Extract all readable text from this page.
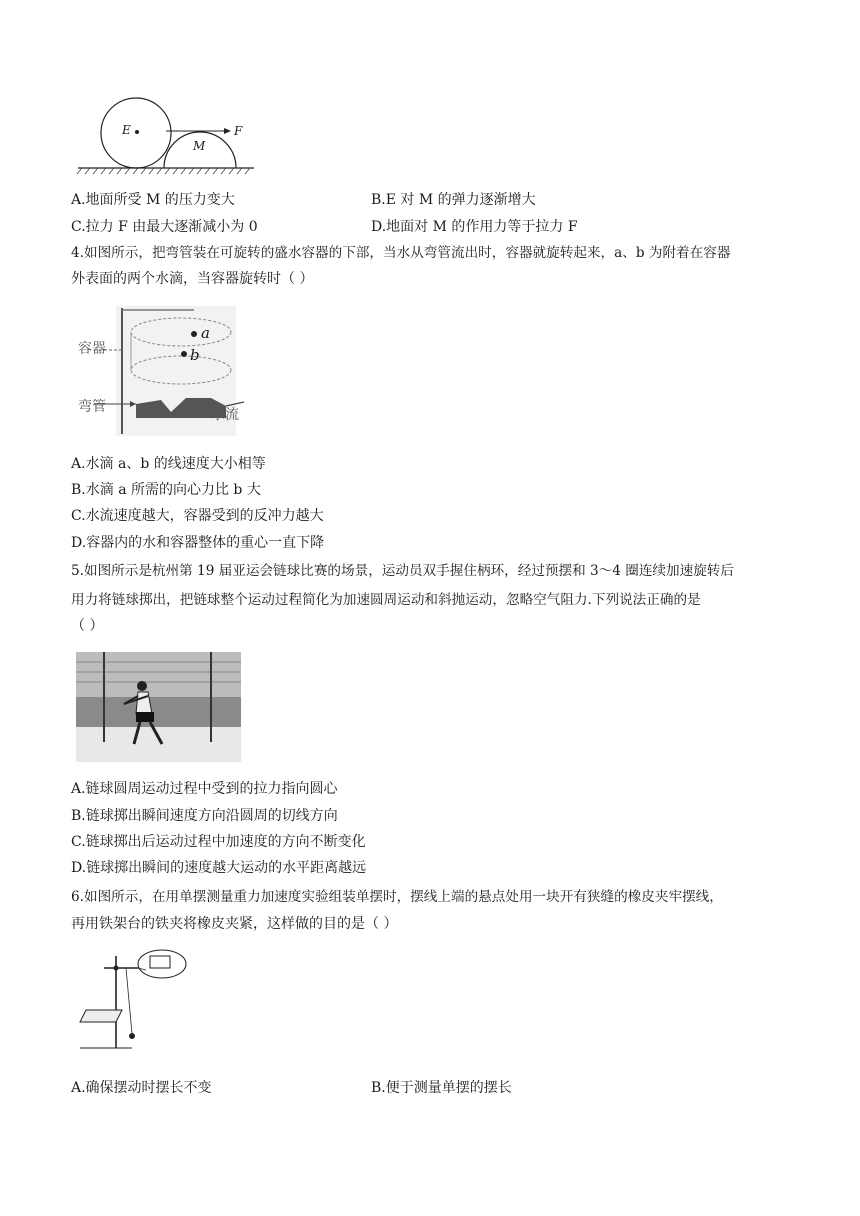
E
M
F
A.地面所受 M 的压力变大	B.E 对 M 的弹力逐渐增大
C.拉力 F 由最大逐渐减小为 0	D.地面对 M 的作用力等于拉力 F
4.如图所示，把弯管装在可旋转的盛水容器的下部，当水从弯管流出时，容器就旋转起来，a、b 为附着在容器
外表面的两个水滴，当容器旋转时（ ）
容器
弯管	水流
a
b
A.水滴 a、b 的线速度大小相等
B.水滴 a 所需的向心力比 b 大
C.水流速度越大，容器受到的反冲力越大
D.容器内的水和容器整体的重心一直下降
5.如图所示是杭州第 19 届亚运会链球比赛的场景，运动员双手握住柄环，经过预摆和 3～4 圈连续加速旋转后
用力将链球掷出，把链球整个运动过程简化为加速圆周运动和斜抛运动，忽略空气阻力.下列说法正确的是
（ ）
A.链球圆周运动过程中受到的拉力指向圆心
B.链球掷出瞬间速度方向沿圆周的切线方向
C.链球掷出后运动过程中加速度的方向不断变化
D.链球掷出瞬间的速度越大运动的水平距离越远
6.如图所示，在用单摆测量重力加速度实验组装单摆时，摆线上端的悬点处用一块开有狭缝的橡皮夹牢摆线，
再用铁架台的铁夹将橡皮夹紧，这样做的目的是（ ）
A.确保摆动时摆长不变	B.便于测量单摆的摆长
